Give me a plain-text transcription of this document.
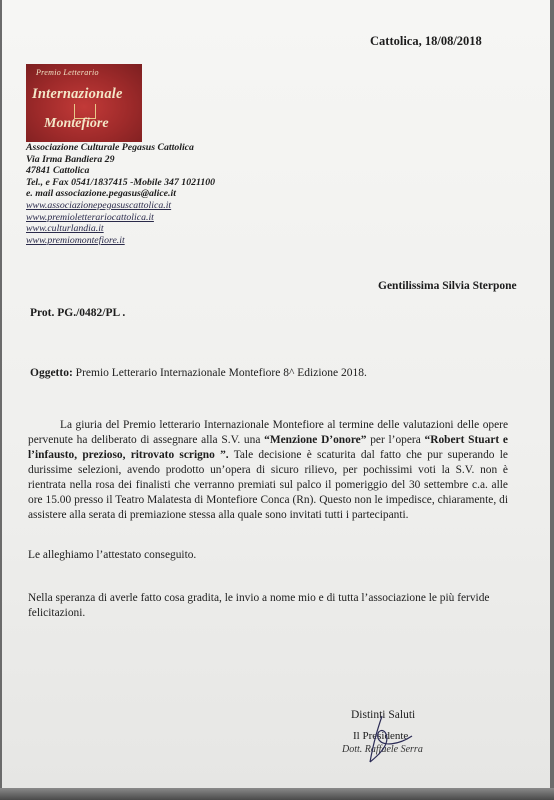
Cattolica, 18/08/2018
Premio Letterario
Internazionale
Montefiore
Associazione Culturale Pegasus Cattolica
Via Irma Bandiera 29
47841 Cattolica
Tel., e Fax 0541/1837415 -Mobile 347 1021100
e. mail associazione.pegasus@alice.it
www.associazionepegasuscattolica.it
www.premioletterariocattolica.it
www.culturlandia.it
www.premiomontefiore.it
Gentilissima Silvia Sterpone
Prot. PG./0482/PL .
Oggetto: Premio Letterario Internazionale Montefiore 8^ Edizione 2018.

La giuria del Premio letterario Internazionale Montefiore al termine delle valutazioni delle opere pervenute ha deliberato di assegnare alla S.V. una “Menzione D’onore” per l’opera “Robert Stuart e l’infausto, prezioso, ritrovato scrigno ”. Tale decisione è scaturita dal fatto che pur superando le durissime selezioni, avendo prodotto un’opera di sicuro rilievo, per pochissimi voti la S.V. non è rientrata nella rosa dei finalisti che verranno premiati sul palco il pomeriggio del 30 settembre c.a. alle ore 15.00 presso il Teatro Malatesta di Montefiore Conca (Rn). Questo non le impedisce, chiaramente, di assistere alla serata di premiazione stessa alla quale sono invitati tutti i partecipanti.

Le alleghiamo l’attestato conseguito.
Nella speranza di averle fatto cosa gradita, le invio a nome mio e di tutta l’associazione le più fervide felicitazioni.
Distinti Saluti
Il Presidente
Dott. Raffaele Serra
